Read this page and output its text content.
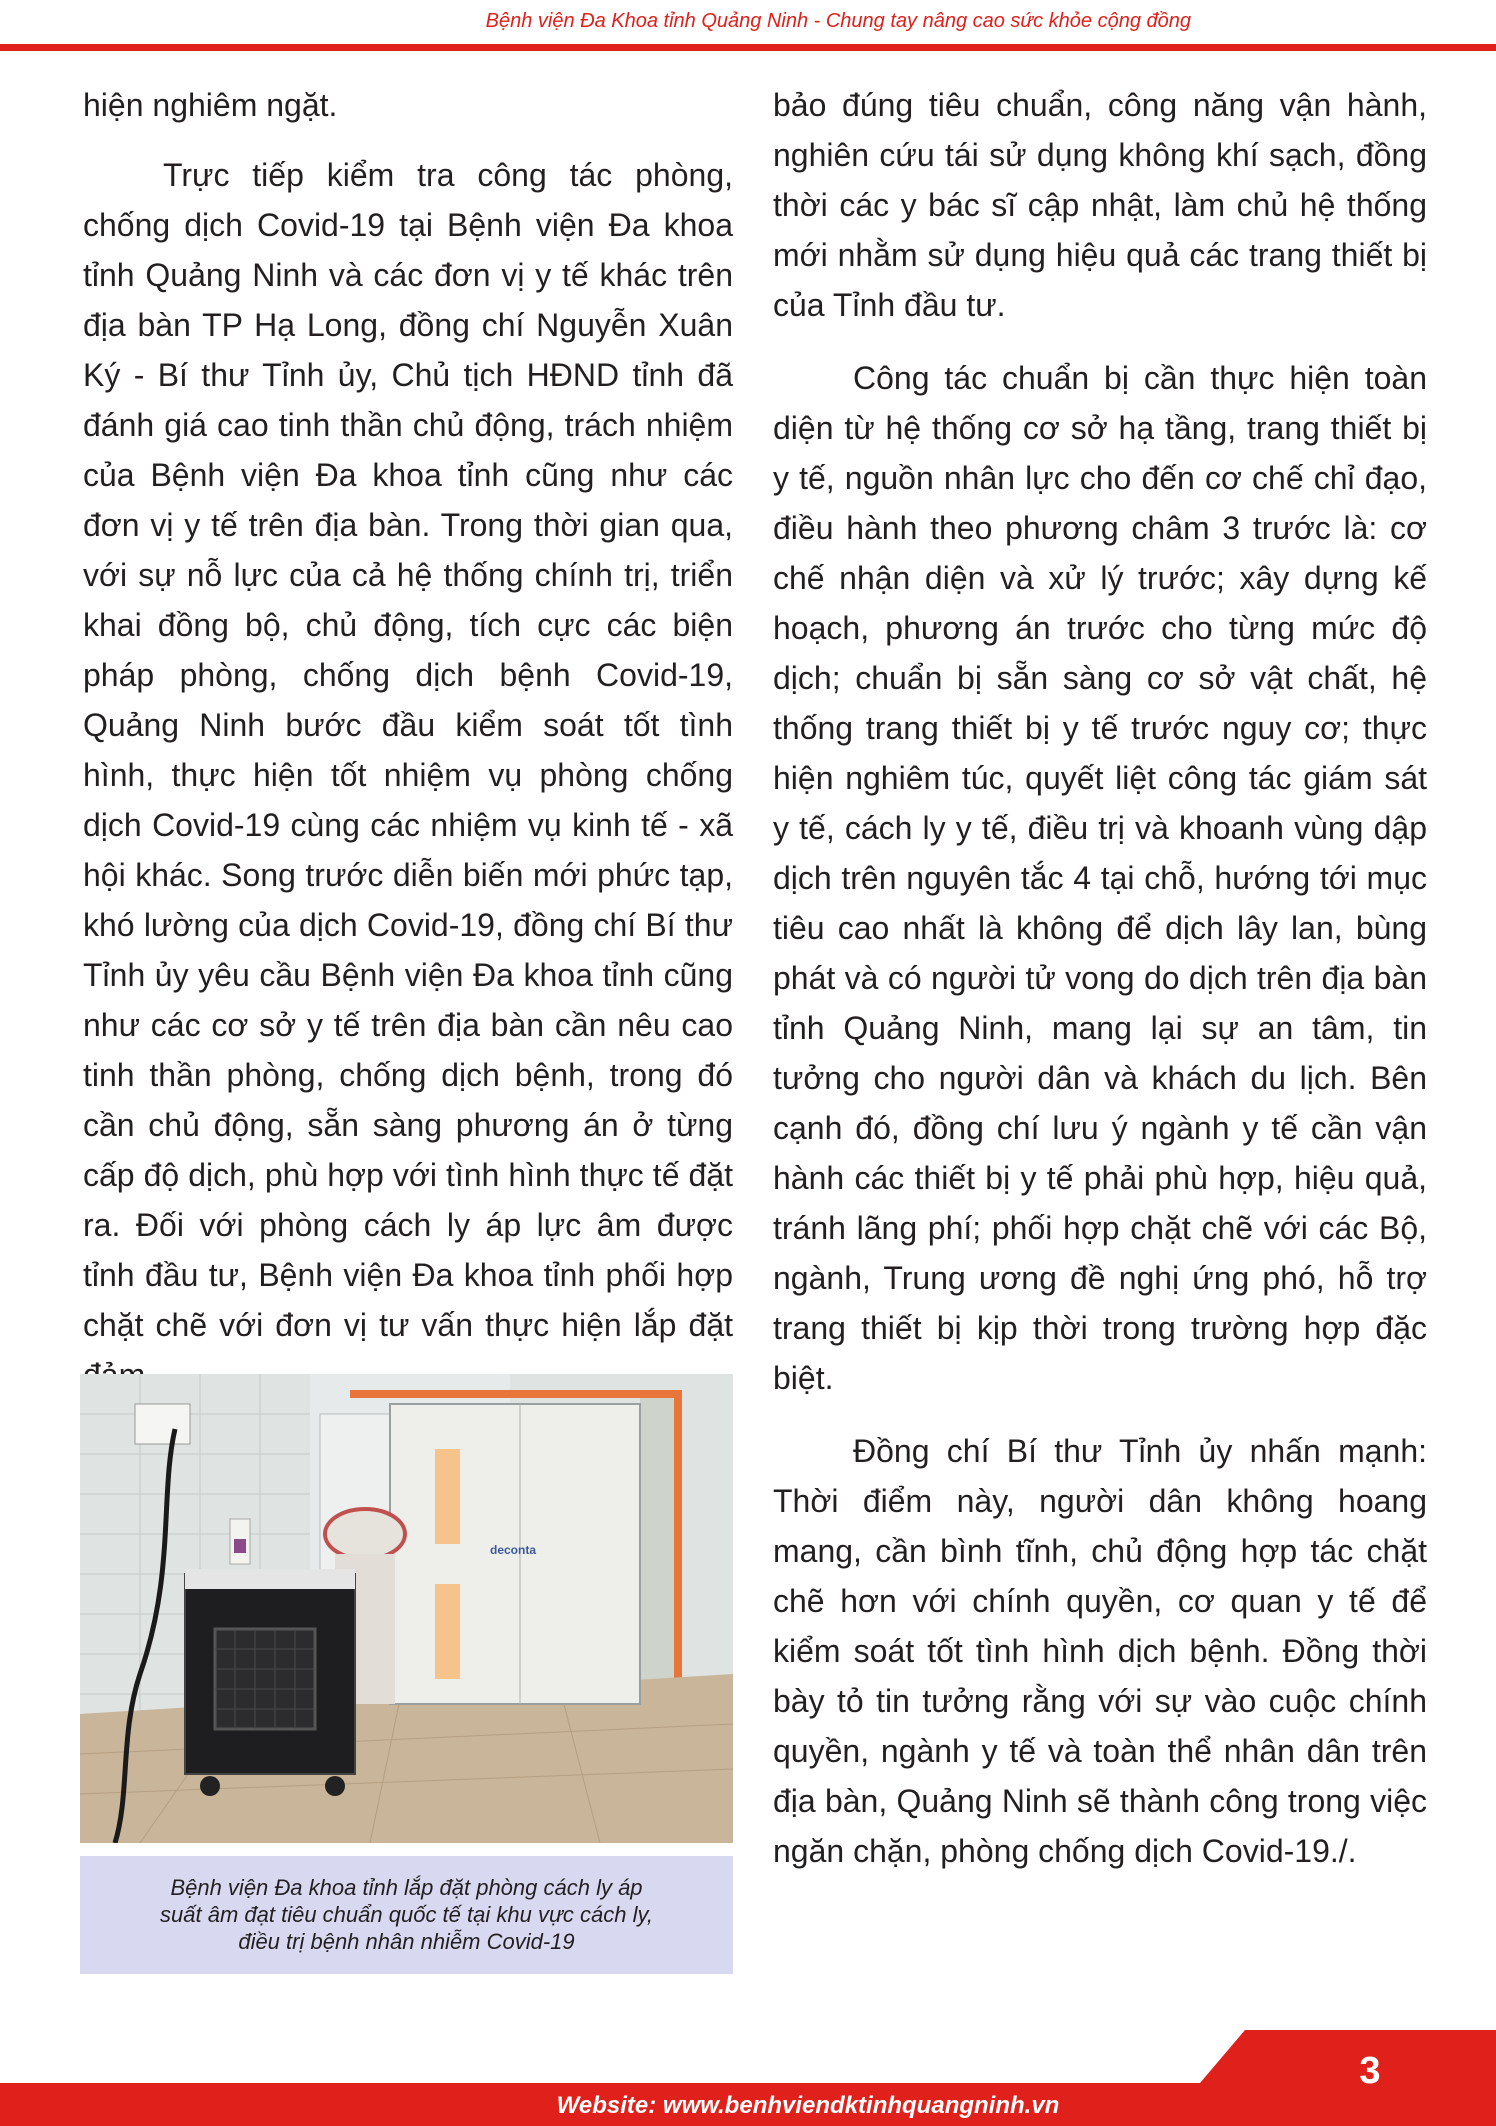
Bệnh viện Đa Khoa tỉnh Quảng Ninh - Chung tay nâng cao sức khỏe cộng đồng

hiện nghiêm ngặt.

Trực tiếp kiểm tra công tác phòng, chống dịch Covid-19 tại Bệnh viện Đa khoa tỉnh Quảng Ninh và các đơn vị y tế khác trên địa bàn TP Hạ Long, đồng chí Nguyễn Xuân Ký - Bí thư Tỉnh ủy, Chủ tịch HĐND tỉnh đã đánh giá cao tinh thần chủ động, trách nhiệm của Bệnh viện Đa khoa tỉnh cũng như các đơn vị y tế trên địa bàn. Trong thời gian qua, với sự nỗ lực của cả hệ thống chính trị, triển khai đồng bộ, chủ động, tích cực các biện pháp phòng, chống dịch bệnh Covid-19, Quảng Ninh bước đầu kiểm soát tốt tình hình, thực hiện tốt nhiệm vụ phòng chống dịch Covid-19 cùng các nhiệm vụ kinh tế - xã hội khác. Song trước diễn biến mới phức tạp, khó lường của dịch Covid-19, đồng chí Bí thư Tỉnh ủy yêu cầu Bệnh viện Đa khoa tỉnh cũng như các cơ sở y tế trên địa bàn cần nêu cao tinh thần phòng, chống dịch bệnh, trong đó cần chủ động, sẵn sàng phương án ở từng cấp độ dịch, phù hợp với tình hình thực tế đặt ra. Đối với phòng cách ly áp lực âm được tỉnh đầu tư, Bệnh viện Đa khoa tỉnh phối hợp chặt chẽ với đơn vị tư vấn thực hiện lắp đặt

bảo đúng tiêu chuẩn, công năng vận hành, nghiên cứu tái sử dụng không khí sạch, đồng thời các y bác sĩ cập nhật, làm chủ hệ thống mới nhằm sử dụng hiệu quả các trang thiết bị của Tỉnh đầu tư.

Công tác chuẩn bị cần thực hiện toàn diện từ hệ thống cơ sở hạ tầng, trang thiết bị y tế, nguồn nhân lực cho đến cơ chế chỉ đạo, điều hành theo phương châm 3 trước là: cơ chế nhận diện và xử lý trước; xây dựng kế hoạch, phương án trước cho từng mức độ dịch; chuẩn bị sẵn sàng cơ sở vật chất, hệ thống trang thiết bị y tế trước nguy cơ; thực hiện nghiêm túc, quyết liệt công tác giám sát y tế, cách ly y tế, điều trị và khoanh vùng dập dịch trên nguyên tắc 4 tại chỗ, hướng tới mục tiêu cao nhất là không để dịch lây lan, bùng phát và có người tử vong do dịch trên địa bàn tỉnh Quảng Ninh, mang lại sự an tâm, tin tưởng cho người dân và khách du lịch. Bên cạnh đó, đồng chí lưu ý ngành y tế cần vận hành các thiết bị y tế phải phù hợp, hiệu quả, tránh lãng phí; phối hợp chặt chẽ với các Bộ, ngành, Trung ương đề nghị ứng phó, hỗ trợ trang thiết bị kịp thời trong trường hợp đặc biệt.

Đồng chí Bí thư Tỉnh ủy nhấn mạnh: Thời điểm này, người dân không hoang mang, cần bình tĩnh, chủ động hợp tác chặt chẽ hơn với chính quyền, cơ quan y tế để kiểm soát tốt tình hình dịch bệnh. Đồng thời bày tỏ tin tưởng rằng với sự vào cuộc chính quyền, ngành y tế và toàn thể nhân dân trên địa bàn, Quảng Ninh sẽ thành công trong việc ngăn chặn, phòng chống dịch Covid-19./.

deconta
Bệnh viện Đa khoa tỉnh lắp đặt phòng cách ly áp
suất âm đạt tiêu chuẩn quốc tế tại khu vực cách ly,
điều trị bệnh nhân nhiễm Covid-19
3
Website: www.benhviendktinhquangninh.vn
